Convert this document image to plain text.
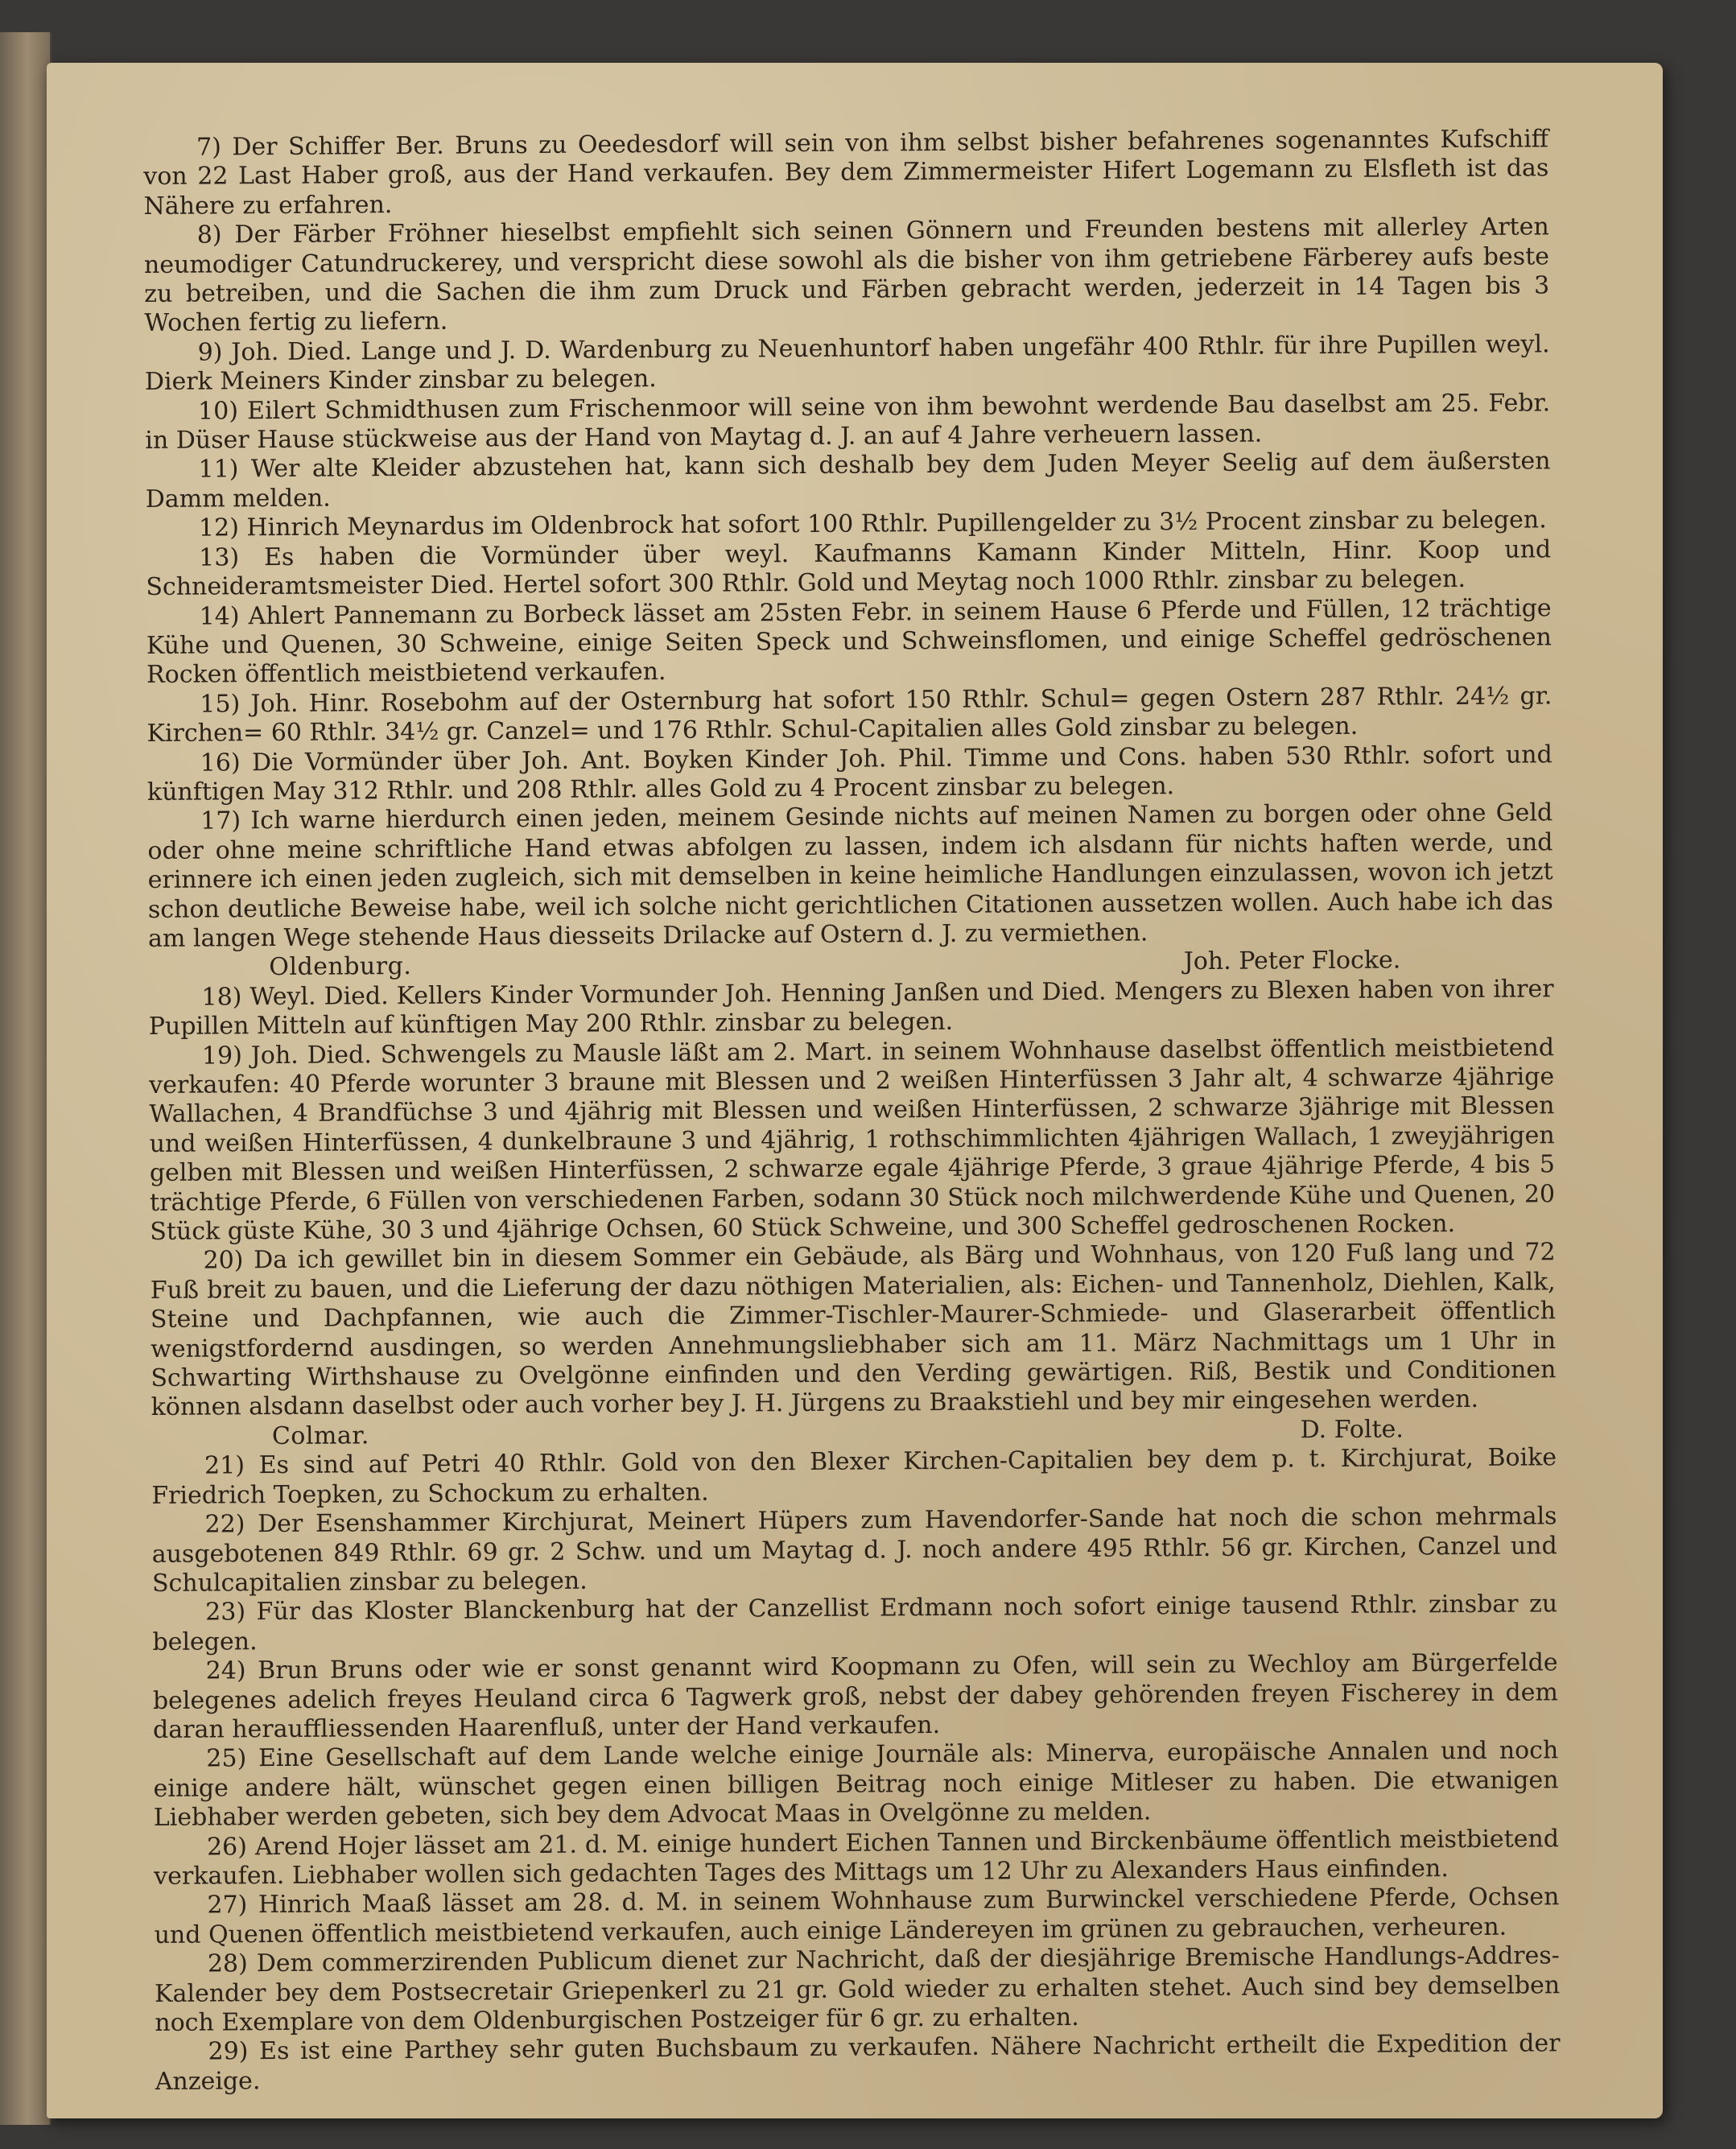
7) Der Schiffer Ber. Bruns zu Oeedesdorf will sein von ihm selbst bisher befahrenes sogenanntes Kufschiff von 22 Last Haber groß, aus der Hand verkaufen. Bey dem Zimmermeister Hifert Logemann zu Elsfleth ist das Nähere zu erfahren.

8) Der Färber Fröhner hieselbst empfiehlt sich seinen Gönnern und Freunden bestens mit allerley Arten neumodiger Catundruckerey, und verspricht diese sowohl als die bisher von ihm getriebene Färberey aufs beste zu betreiben, und die Sachen die ihm zum Druck und Färben gebracht werden, jederzeit in 14 Tagen bis 3 Wochen fertig zu liefern.

9) Joh. Died. Lange und J. D. Wardenburg zu Neuenhuntorf haben ungefähr 400 Rthlr. für ihre Pupillen weyl. Dierk Meiners Kinder zinsbar zu belegen.

10) Eilert Schmidthusen zum Frischenmoor will seine von ihm bewohnt werdende Bau daselbst am 25. Febr. in Düser Hause stückweise aus der Hand von Maytag d. J. an auf 4 Jahre verheuern lassen.

11) Wer alte Kleider abzustehen hat, kann sich deshalb bey dem Juden Meyer Seelig auf dem äußersten Damm melden.

12) Hinrich Meynardus im Oldenbrock hat sofort 100 Rthlr. Pupillengelder zu 3½ Procent zinsbar zu belegen.

13) Es haben die Vormünder über weyl. Kaufmanns Kamann Kinder Mitteln, Hinr. Koop und Schneideramtsmeister Died. Hertel sofort 300 Rthlr. Gold und Meytag noch 1000 Rthlr. zinsbar zu belegen.

14) Ahlert Pannemann zu Borbeck lässet am 25sten Febr. in seinem Hause 6 Pferde und Füllen, 12 trächtige Kühe und Quenen, 30 Schweine, einige Seiten Speck und Schweinsflomen, und einige Scheffel gedröschenen Rocken öffentlich meistbietend verkaufen.

15) Joh. Hinr. Rosebohm auf der Osternburg hat sofort 150 Rthlr. Schul= gegen Ostern 287 Rthlr. 24½ gr. Kirchen= 60 Rthlr. 34½ gr. Canzel= und 176 Rthlr. Schul-Capitalien alles Gold zinsbar zu belegen.

16) Die Vormünder über Joh. Ant. Boyken Kinder Joh. Phil. Timme und Cons. haben 530 Rthlr. sofort und künftigen May 312 Rthlr. und 208 Rthlr. alles Gold zu 4 Procent zinsbar zu belegen.

17) Ich warne hierdurch einen jeden, meinem Gesinde nichts auf meinen Namen zu borgen oder ohne Geld oder ohne meine schriftliche Hand etwas abfolgen zu lassen, indem ich alsdann für nichts haften werde, und erinnere ich einen jeden zugleich, sich mit demselben in keine heimliche Handlungen einzulassen, wovon ich jetzt schon deutliche Beweise habe, weil ich solche nicht gerichtlichen Citationen aussetzen wollen. Auch habe ich das am langen Wege stehende Haus diesseits Drilacke auf Ostern d. J. zu vermiethen.

Oldenburg.	Joh. Peter Flocke.

18) Weyl. Died. Kellers Kinder Vormunder Joh. Henning Janßen und Died. Mengers zu Blexen haben von ihrer Pupillen Mitteln auf künftigen May 200 Rthlr. zinsbar zu belegen.

19) Joh. Died. Schwengels zu Mausle läßt am 2. Mart. in seinem Wohnhause daselbst öffentlich meistbietend verkaufen: 40 Pferde worunter 3 braune mit Blessen und 2 weißen Hinterfüssen 3 Jahr alt, 4 schwarze 4jährige Wallachen, 4 Brandfüchse 3 und 4jährig mit Blessen und weißen Hinterfüssen, 2 schwarze 3jährige mit Blessen und weißen Hinterfüssen, 4 dunkelbraune 3 und 4jährig, 1 rothschimmlichten 4jährigen Wallach, 1 zweyjährigen gelben mit Blessen und weißen Hinterfüssen, 2 schwarze egale 4jährige Pferde, 3 graue 4jährige Pferde, 4 bis 5 trächtige Pferde, 6 Füllen von verschiedenen Farben, sodann 30 Stück noch milchwerdende Kühe und Quenen, 20 Stück güste Kühe, 30 3 und 4jährige Ochsen, 60 Stück Schweine, und 300 Scheffel gedroschenen Rocken.

20) Da ich gewillet bin in diesem Sommer ein Gebäude, als Bärg und Wohnhaus, von 120 Fuß lang und 72 Fuß breit zu bauen, und die Lieferung der dazu nöthigen Materialien, als: Eichen- und Tannenholz, Diehlen, Kalk, Steine und Dachpfannen, wie auch die Zimmer-Tischler-Maurer-Schmiede- und Glaserarbeit öffentlich wenigstfordernd ausdingen, so werden Annehmungsliebhaber sich am 11. März Nachmittags um 1 Uhr in Schwarting Wirthshause zu Ovelgönne einfinden und den Verding gewärtigen. Riß, Bestik und Conditionen können alsdann daselbst oder auch vorher bey J. H. Jürgens zu Braakstiehl und bey mir eingesehen werden.

Colmar.	D. Folte.

21) Es sind auf Petri 40 Rthlr. Gold von den Blexer Kirchen-Capitalien bey dem p. t. Kirchjurat, Boike Friedrich Toepken, zu Schockum zu erhalten.

22) Der Esenshammer Kirchjurat, Meinert Hüpers zum Havendorfer-Sande hat noch die schon mehrmals ausgebotenen 849 Rthlr. 69 gr. 2 Schw. und um Maytag d. J. noch andere 495 Rthlr. 56 gr. Kirchen, Canzel und Schulcapitalien zinsbar zu belegen.

23) Für das Kloster Blanckenburg hat der Canzellist Erdmann noch sofort einige tausend Rthlr. zinsbar zu belegen.

24) Brun Bruns oder wie er sonst genannt wird Koopmann zu Ofen, will sein zu Wechloy am Bürgerfelde belegenes adelich freyes Heuland circa 6 Tagwerk groß, nebst der dabey gehörenden freyen Fischerey in dem daran herauffliessenden Haarenfluß, unter der Hand verkaufen.

25) Eine Gesellschaft auf dem Lande welche einige Journäle als: Minerva, europäische Annalen und noch einige andere hält, wünschet gegen einen billigen Beitrag noch einige Mitleser zu haben. Die etwanigen Liebhaber werden gebeten, sich bey dem Advocat Maas in Ovelgönne zu melden.

26) Arend Hojer lässet am 21. d. M. einige hundert Eichen Tannen und Birckenbäume öffentlich meistbietend verkaufen. Liebhaber wollen sich gedachten Tages des Mittags um 12 Uhr zu Alexanders Haus einfinden.

27) Hinrich Maaß lässet am 28. d. M. in seinem Wohnhause zum Burwinckel verschiedene Pferde, Ochsen und Quenen öffentlich meistbietend verkaufen, auch einige Ländereyen im grünen zu gebrauchen, verheuren.

28) Dem commerzirenden Publicum dienet zur Nachricht, daß der diesjährige Bremische Handlungs-Addres-Kalender bey dem Postsecretair Griepenkerl zu 21 gr. Gold wieder zu erhalten stehet. Auch sind bey demselben noch Exemplare von dem Oldenburgischen Postzeiger für 6 gr. zu erhalten.

29) Es ist eine Parthey sehr guten Buchsbaum zu verkaufen. Nähere Nachricht ertheilt die Expedition der Anzeige.
